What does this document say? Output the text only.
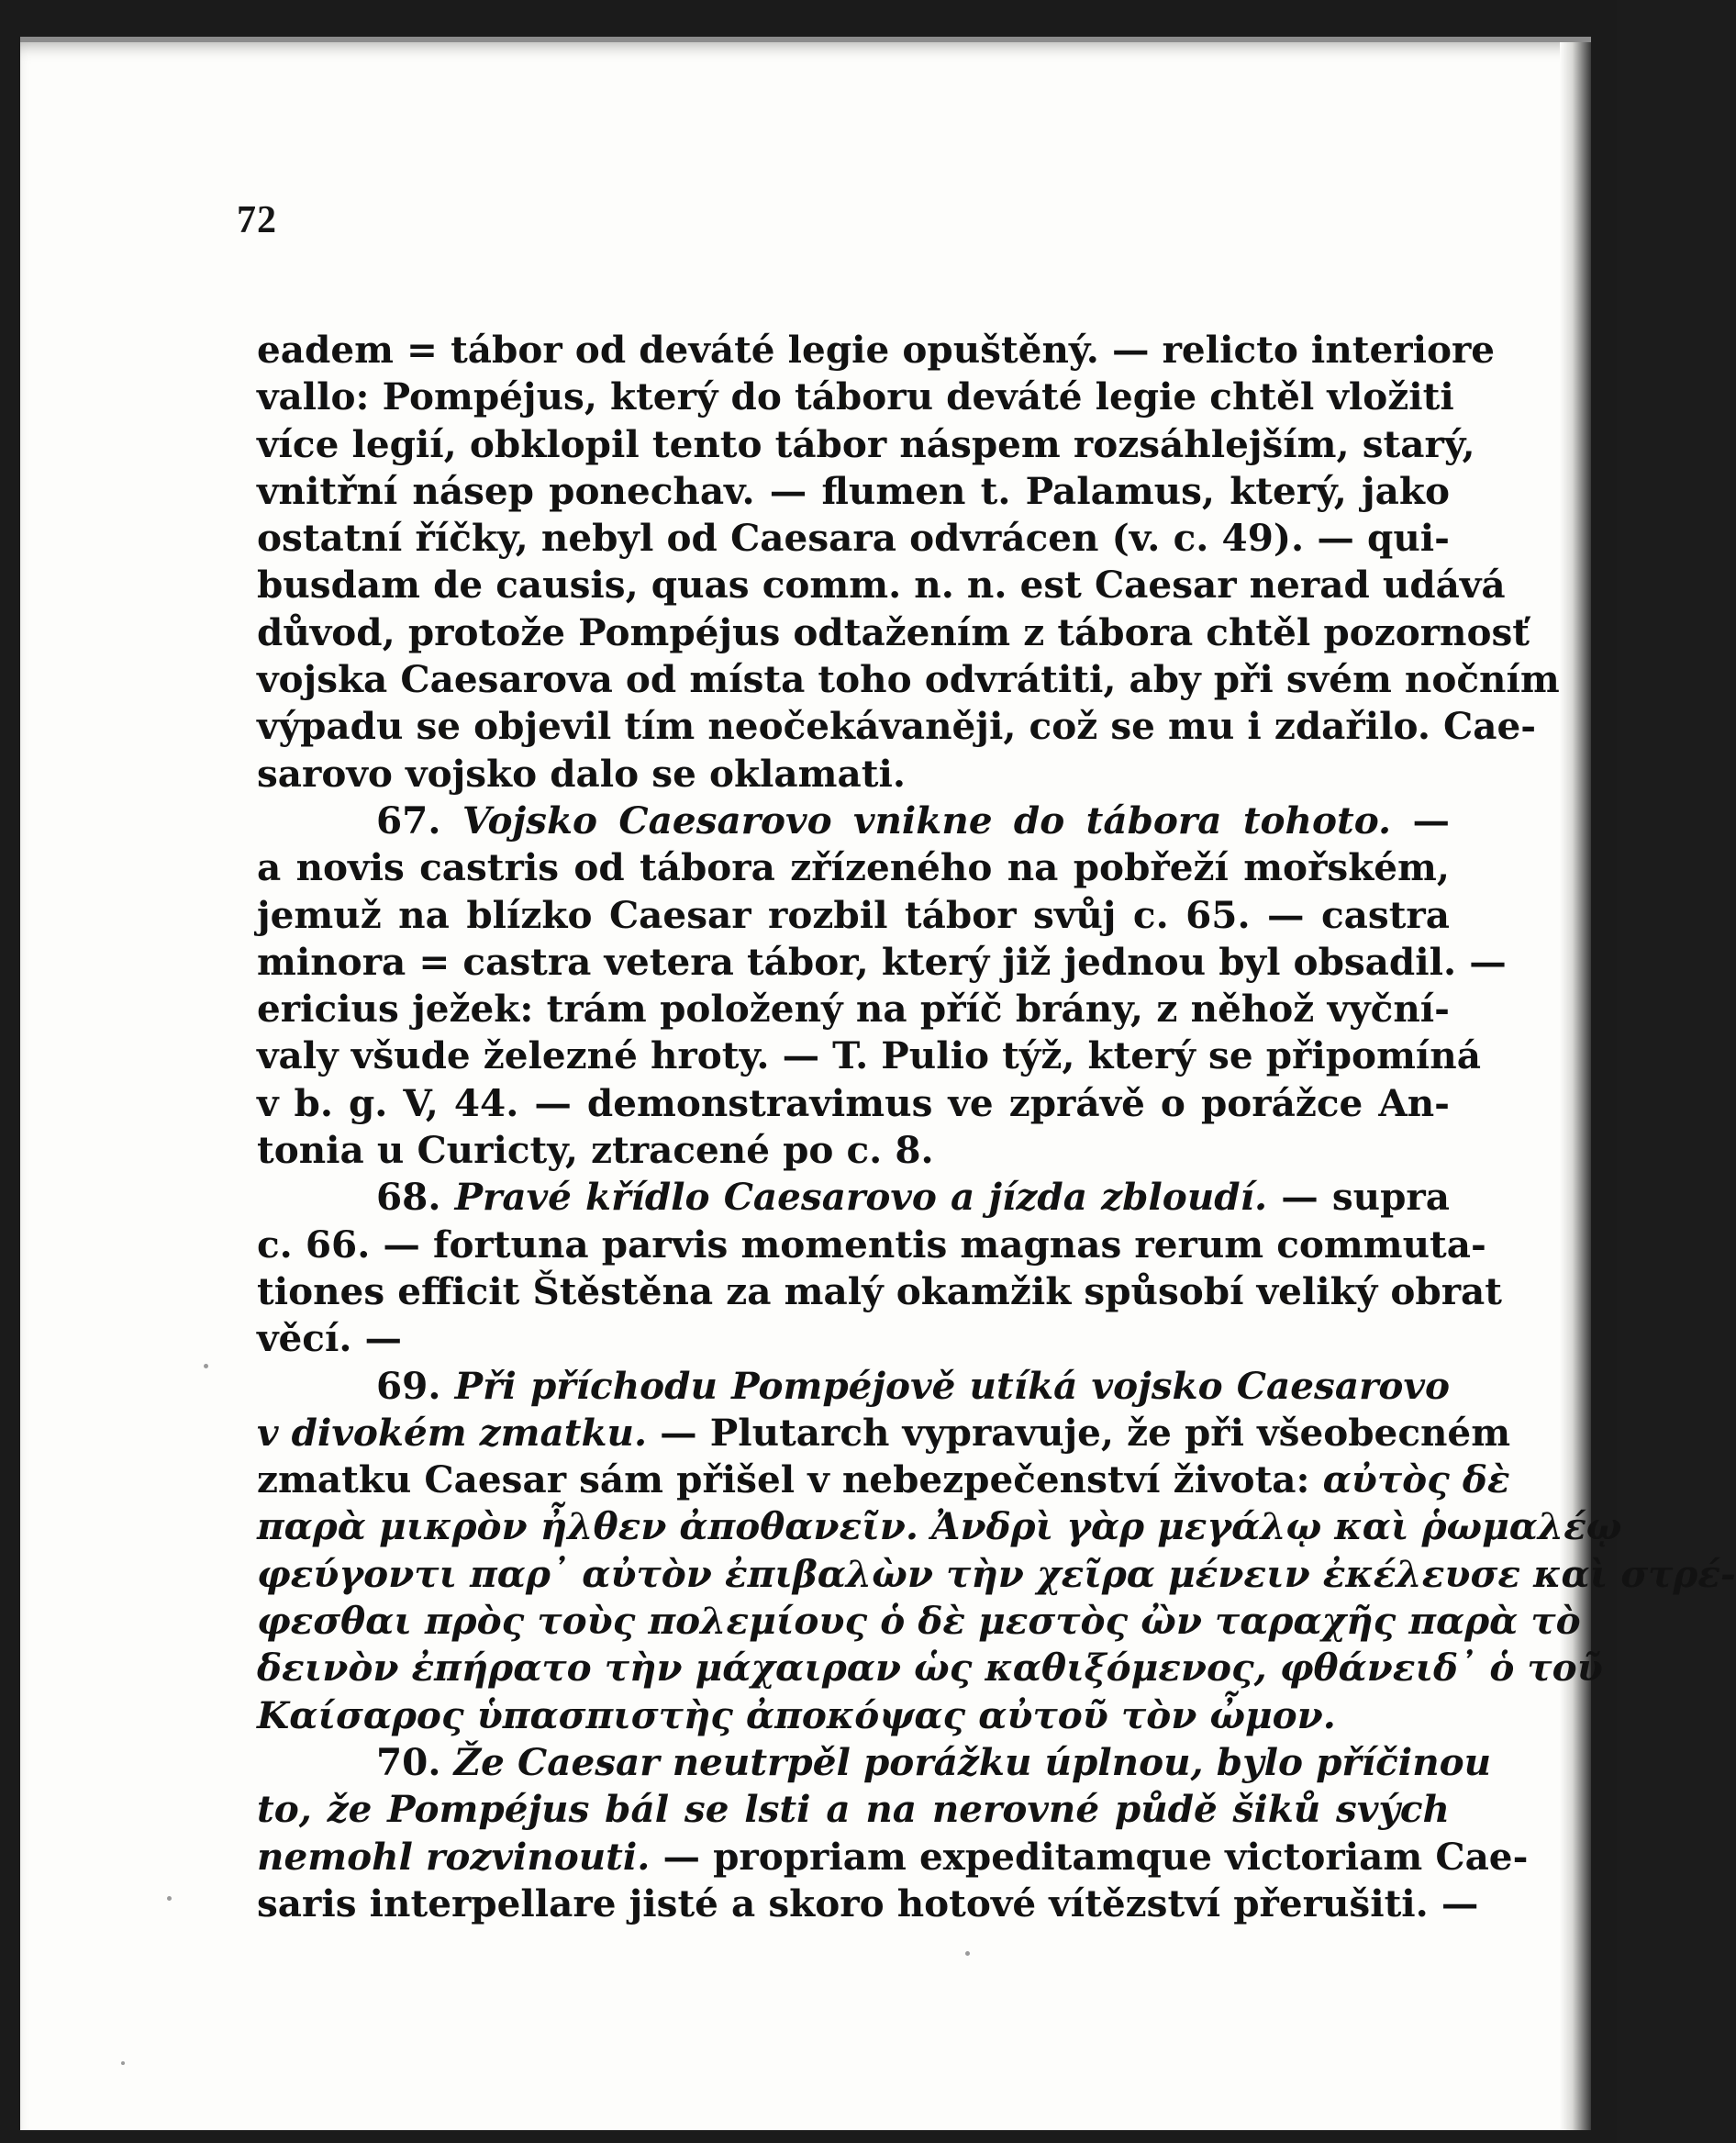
72
eadem = tábor od deváté legie opuštěný. — relicto interiore
vallo: Pompéjus, který do táboru deváté legie chtěl vložiti
více legií, obklopil tento tábor náspem rozsáhlejším, starý,
vnitřní násep ponechav. — flumen t. Palamus, který, jako
ostatní říčky, nebyl od Caesara odvrácen (v. c. 49). — qui-
busdam de causis, quas comm. n. n. est Caesar nerad udává
důvod, protože Pompéjus odtažením z tábora chtěl pozornosť
vojska Caesarova od místa toho odvrátiti, aby při svém nočním
výpadu se objevil tím neočekávaněji, což se mu i zdařilo. Cae-
sarovo vojsko dalo se oklamati.
67. Vojsko Caesarovo vnikne do tábora tohoto. —
a novis castris od tábora zřízeného na pobřeží mořském,
jemuž na blízko Caesar rozbil tábor svůj c. 65. — castra
minora = castra vetera tábor, který již jednou byl obsadil. —
ericius ježek: trám položený na příč brány, z něhož vyční-
valy všude železné hroty. — T. Pulio týž, který se připomíná
v b. g. V, 44. — demonstravimus ve zprávě o porážce An-
tonia u Curicty, ztracené po c. 8.
68. Pravé křídlo Caesarovo a jízda zbloudí. — supra
c. 66. — fortuna parvis momentis magnas rerum commuta-
tiones efficit Štěstěna za malý okamžik spůsobí veliký obrat
věcí. —
69. Při příchodu Pompéjově utíká vojsko Caesarovo
v divokém zmatku. — Plutarch vypravuje, že při všeobecném
zmatku Caesar sám přišel v nebezpečenství života: αὐτὸς δὲ
παρὰ μικρὸν ἦλθεν ἀποθανεῖν. Ἀνδρὶ γὰρ μεγάλῳ καὶ ῥωμαλέῳ
φεύγοντι παρ᾽ αὐτὸν ἐπιβαλὼν τὴν χεῖρα μένειν ἐκέλευσε καὶ στρέ-
φεσθαι πρὸς τοὺς πολεμίους ὁ δὲ μεστὸς ὢν ταραχῆς παρὰ τὸ
δεινὸν ἐπήρατο τὴν μάχαιραν ὡς καθιξόμενος, φθάνειδ᾽ ὁ τοῦ
Καίσαρος ὑπασπιστὴς ἀποκόψας αὐτοῦ τὸν ὦμον.
70. Že Caesar neutrpěl porážku úplnou, bylo příčinou
to, že Pompéjus bál se lsti a na nerovné půdě šiků svých
nemohl rozvinouti. — propriam expeditamque victoriam Cae-
saris interpellare jisté a skoro hotové vítězství přerušiti. —
